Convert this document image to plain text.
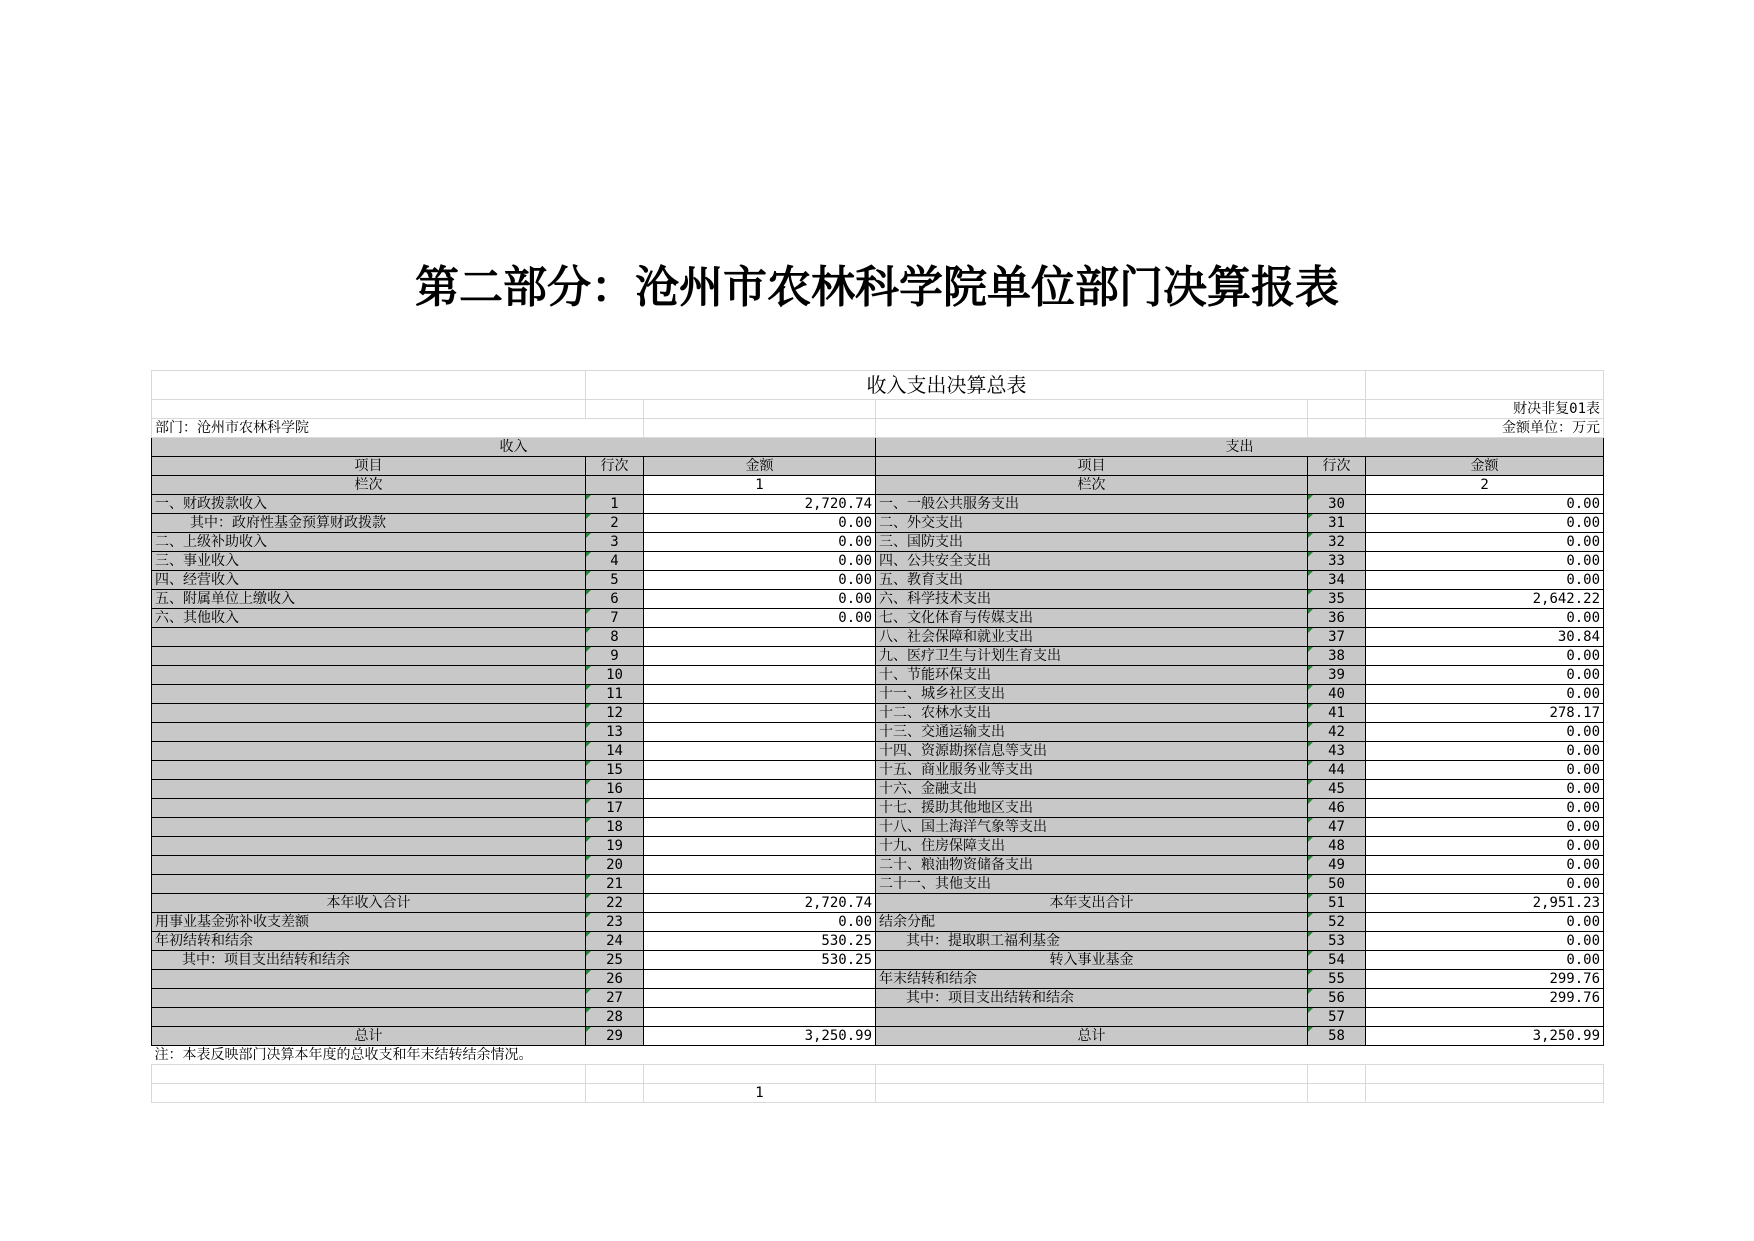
第二部分：沧州市农林科学院单位部门决算报表
	收入支出决算总表				
					财决非复01表
部门：沧州市农林科学院					金额单位：万元
收入			支出		
项目	行次	金额	项目	行次	金额
栏次		1	栏次		2
一、财政拨款收入	1	2,720.74	一、一般公共服务支出	30	0.00
其中：政府性基金预算财政拨款	2	0.00	二、外交支出	31	0.00
二、上级补助收入	3	0.00	三、国防支出	32	0.00
三、事业收入	4	0.00	四、公共安全支出	33	0.00
四、经营收入	5	0.00	五、教育支出	34	0.00
五、附属单位上缴收入	6	0.00	六、科学技术支出	35	2,642.22
六、其他收入	7	0.00	七、文化体育与传媒支出	36	0.00
	8		八、社会保障和就业支出	37	30.84
	9		九、医疗卫生与计划生育支出	38	0.00
	10		十、节能环保支出	39	0.00
	11		十一、城乡社区支出	40	0.00
	12		十二、农林水支出	41	278.17
	13		十三、交通运输支出	42	0.00
	14		十四、资源勘探信息等支出	43	0.00
	15		十五、商业服务业等支出	44	0.00
	16		十六、金融支出	45	0.00
	17		十七、援助其他地区支出	46	0.00
	18		十八、国土海洋气象等支出	47	0.00
	19		十九、住房保障支出	48	0.00
	20		二十、粮油物资储备支出	49	0.00
	21		二十一、其他支出	50	0.00
本年收入合计	22	2,720.74	本年支出合计	51	2,951.23
用事业基金弥补收支差额	23	0.00	结余分配	52	0.00
年初结转和结余	24	530.25	其中：提取职工福利基金	53	0.00
其中：项目支出结转和结余	25	530.25	转入事业基金	54	0.00
	26		年末结转和结余	55	299.76
	27		其中：项目支出结转和结余	56	299.76
	28			57	
总计	29	3,250.99	总计	58	3,250.99
注：本表反映部门决算本年度的总收支和年末结转结余情况。					

		1			
